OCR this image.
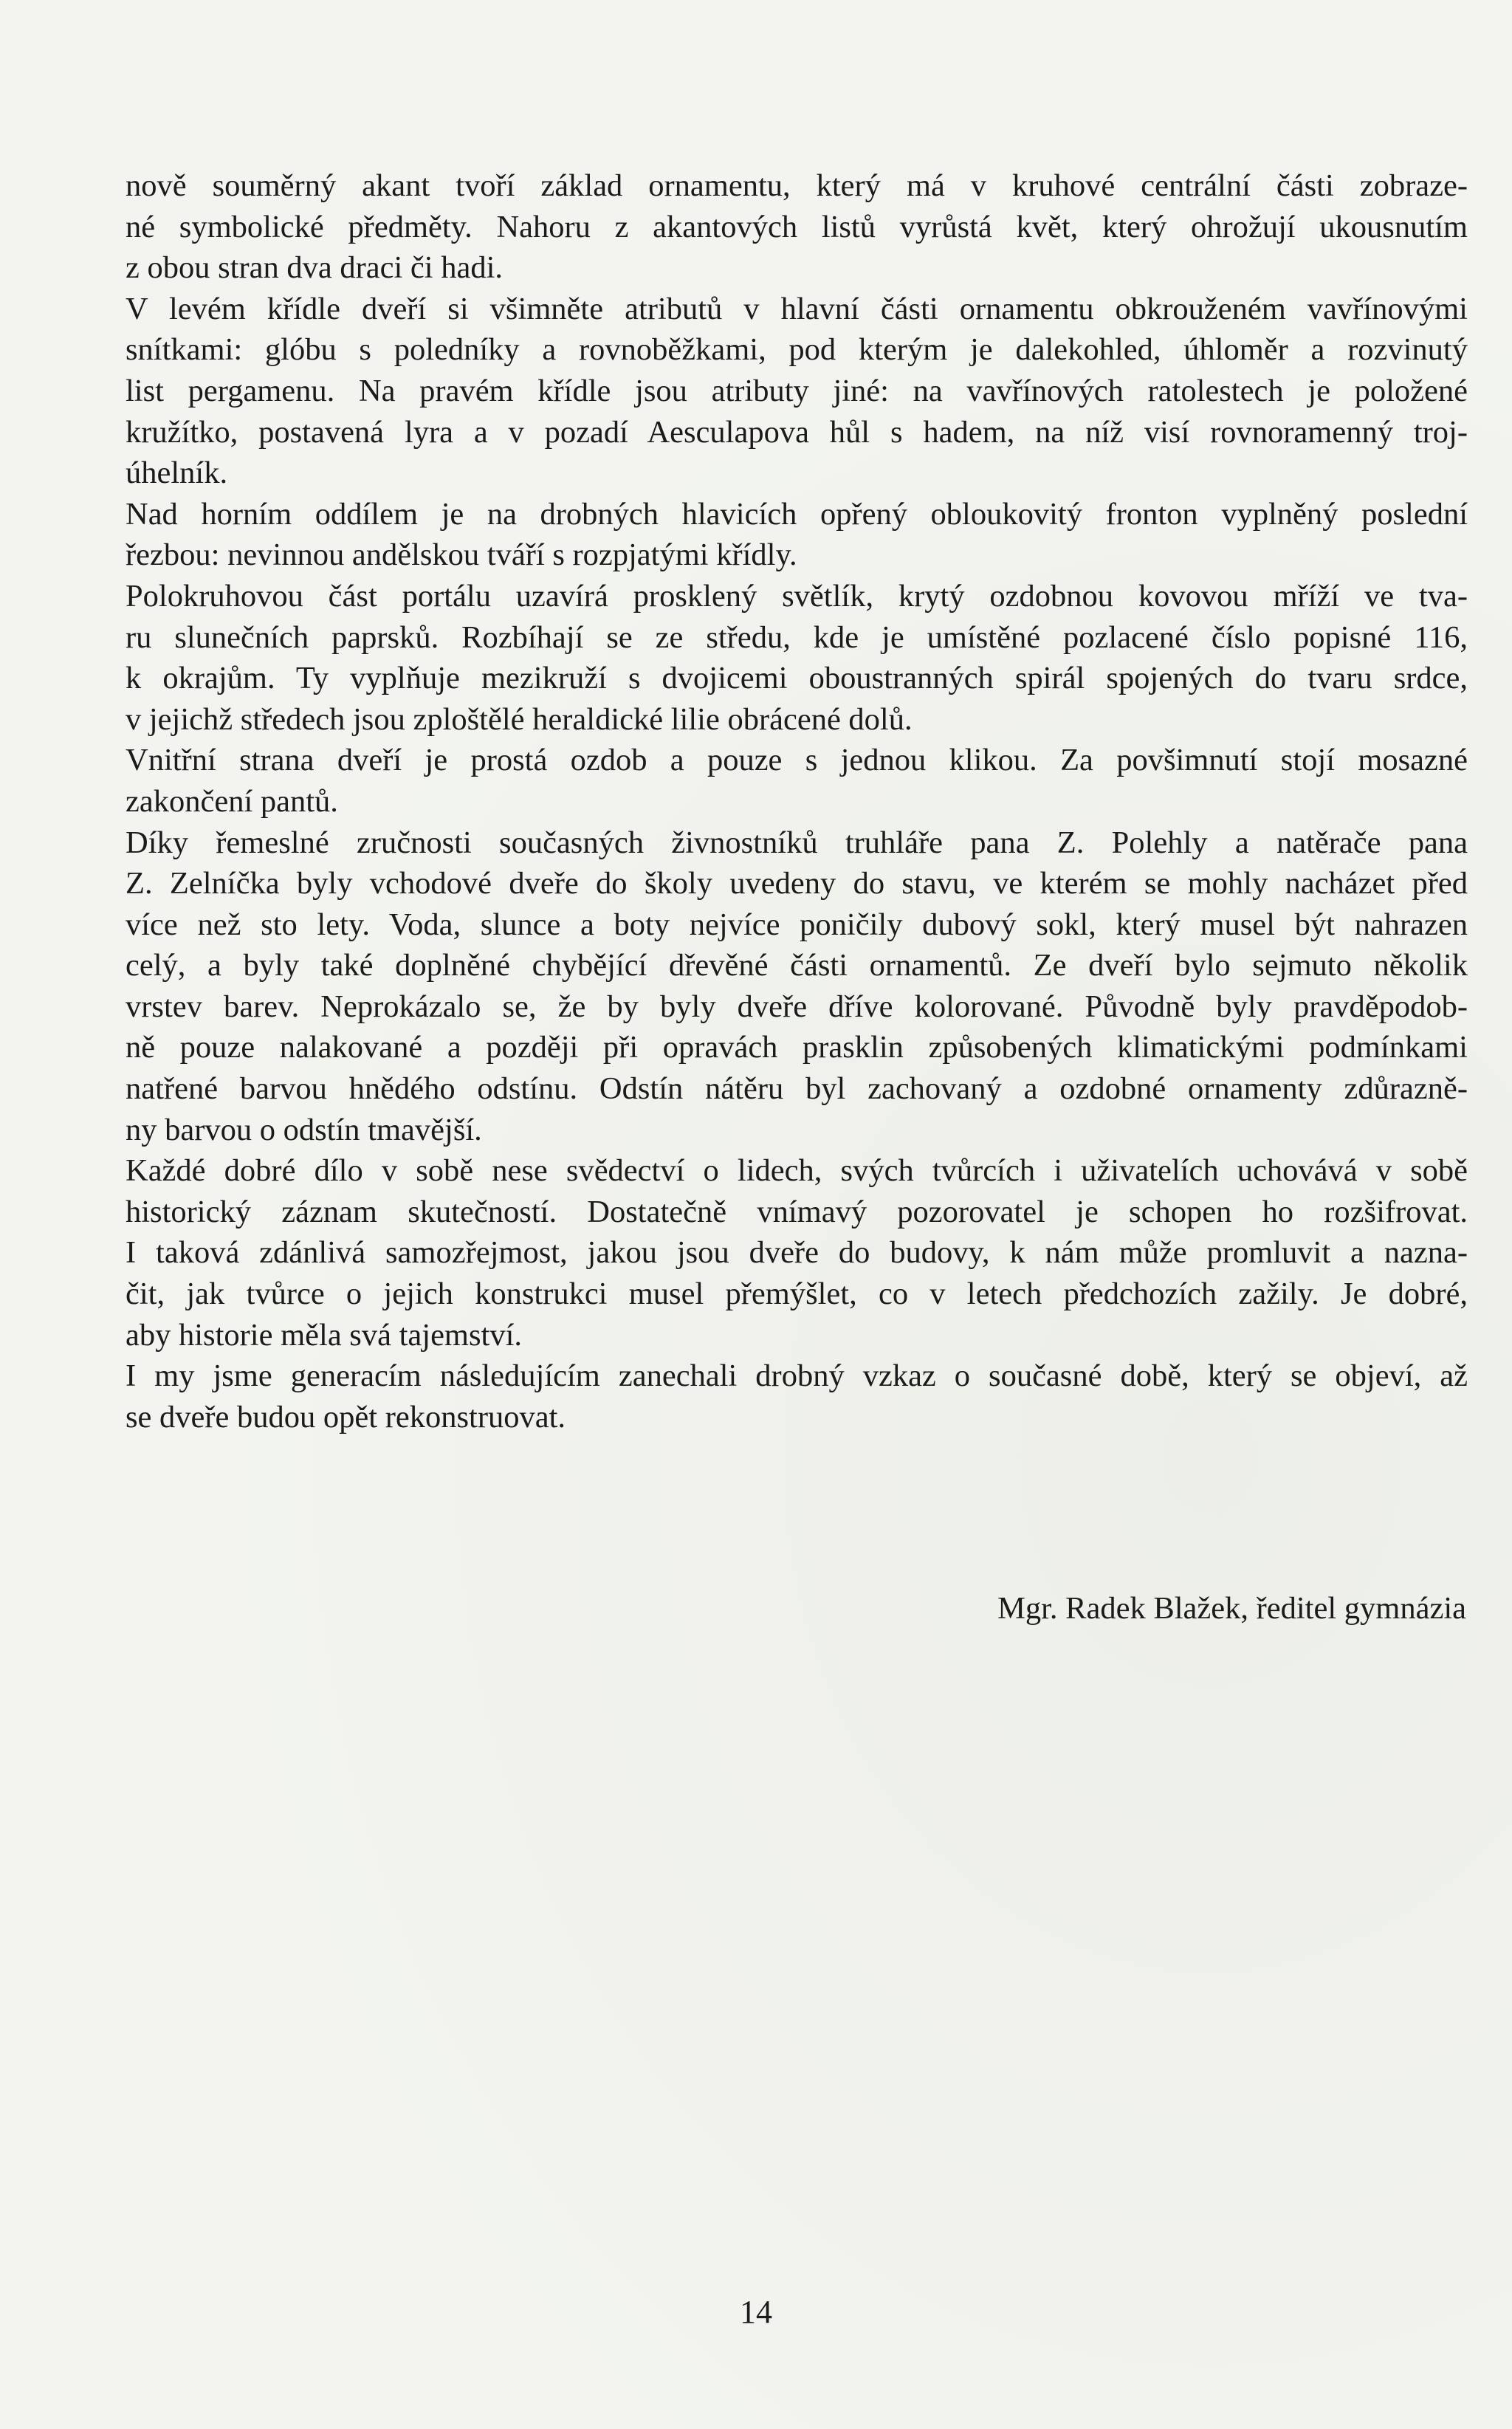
nově souměrný akant tvoří základ ornamentu, který má v kruhové centrální části zobraze-
né symbolické předměty. Nahoru z akantových listů vyrůstá květ, který ohrožují ukousnutím
z obou stran dva draci či hadi.
V levém křídle dveří si všimněte atributů v hlavní části ornamentu obkrouženém vavřínovými
snítkami: glóbu s poledníky a rovnoběžkami, pod kterým je dalekohled, úhloměr a rozvinutý
list pergamenu. Na pravém křídle jsou atributy jiné: na vavřínových ratolestech je položené
kružítko, postavená lyra a v pozadí Aesculapova hůl s hadem, na níž visí rovnoramenný troj-
úhelník.
Nad horním oddílem je na drobných hlavicích opřený obloukovitý fronton vyplněný poslední
řezbou: nevinnou andělskou tváří s rozpjatými křídly.
Polokruhovou část portálu uzavírá prosklený světlík, krytý ozdobnou kovovou mříží ve tva-
ru slunečních paprsků. Rozbíhají se ze středu, kde je umístěné pozlacené číslo popisné 116,
k okrajům. Ty vyplňuje mezikruží s dvojicemi oboustranných spirál spojených do tvaru srdce,
v jejichž středech jsou zploštělé heraldické lilie obrácené dolů.
Vnitřní strana dveří je prostá ozdob a pouze s jednou klikou. Za povšimnutí stojí mosazné
zakončení pantů.
Díky řemeslné zručnosti současných živnostníků truhláře pana Z. Polehly a natěrače pana
Z. Zelníčka byly vchodové dveře do školy uvedeny do stavu, ve kterém se mohly nacházet před
více než sto lety. Voda, slunce a boty nejvíce poničily dubový sokl, který musel být nahrazen
celý, a byly také doplněné chybějící dřevěné části ornamentů. Ze dveří bylo sejmuto několik
vrstev barev. Neprokázalo se, že by byly dveře dříve kolorované. Původně byly pravděpodob-
ně pouze nalakované a později při opravách prasklin způsobených klimatickými podmínkami
natřené barvou hnědého odstínu. Odstín nátěru byl zachovaný a ozdobné ornamenty zdůrazně-
ny barvou o odstín tmavější.
Každé dobré dílo v sobě nese svědectví o lidech, svých tvůrcích i uživatelích uchovává v sobě
historický záznam skutečností. Dostatečně vnímavý pozorovatel je schopen ho rozšifrovat.
I taková zdánlivá samozřejmost, jakou jsou dveře do budovy, k nám může promluvit a nazna-
čit, jak tvůrce o jejich konstrukci musel přemýšlet, co v letech předchozích zažily. Je dobré,
aby historie měla svá tajemství.
I my jsme generacím následujícím zanechali drobný vzkaz o současné době, který se objeví, až
se dveře budou opět rekonstruovat.
Mgr. Radek Blažek, ředitel gymnázia
14
